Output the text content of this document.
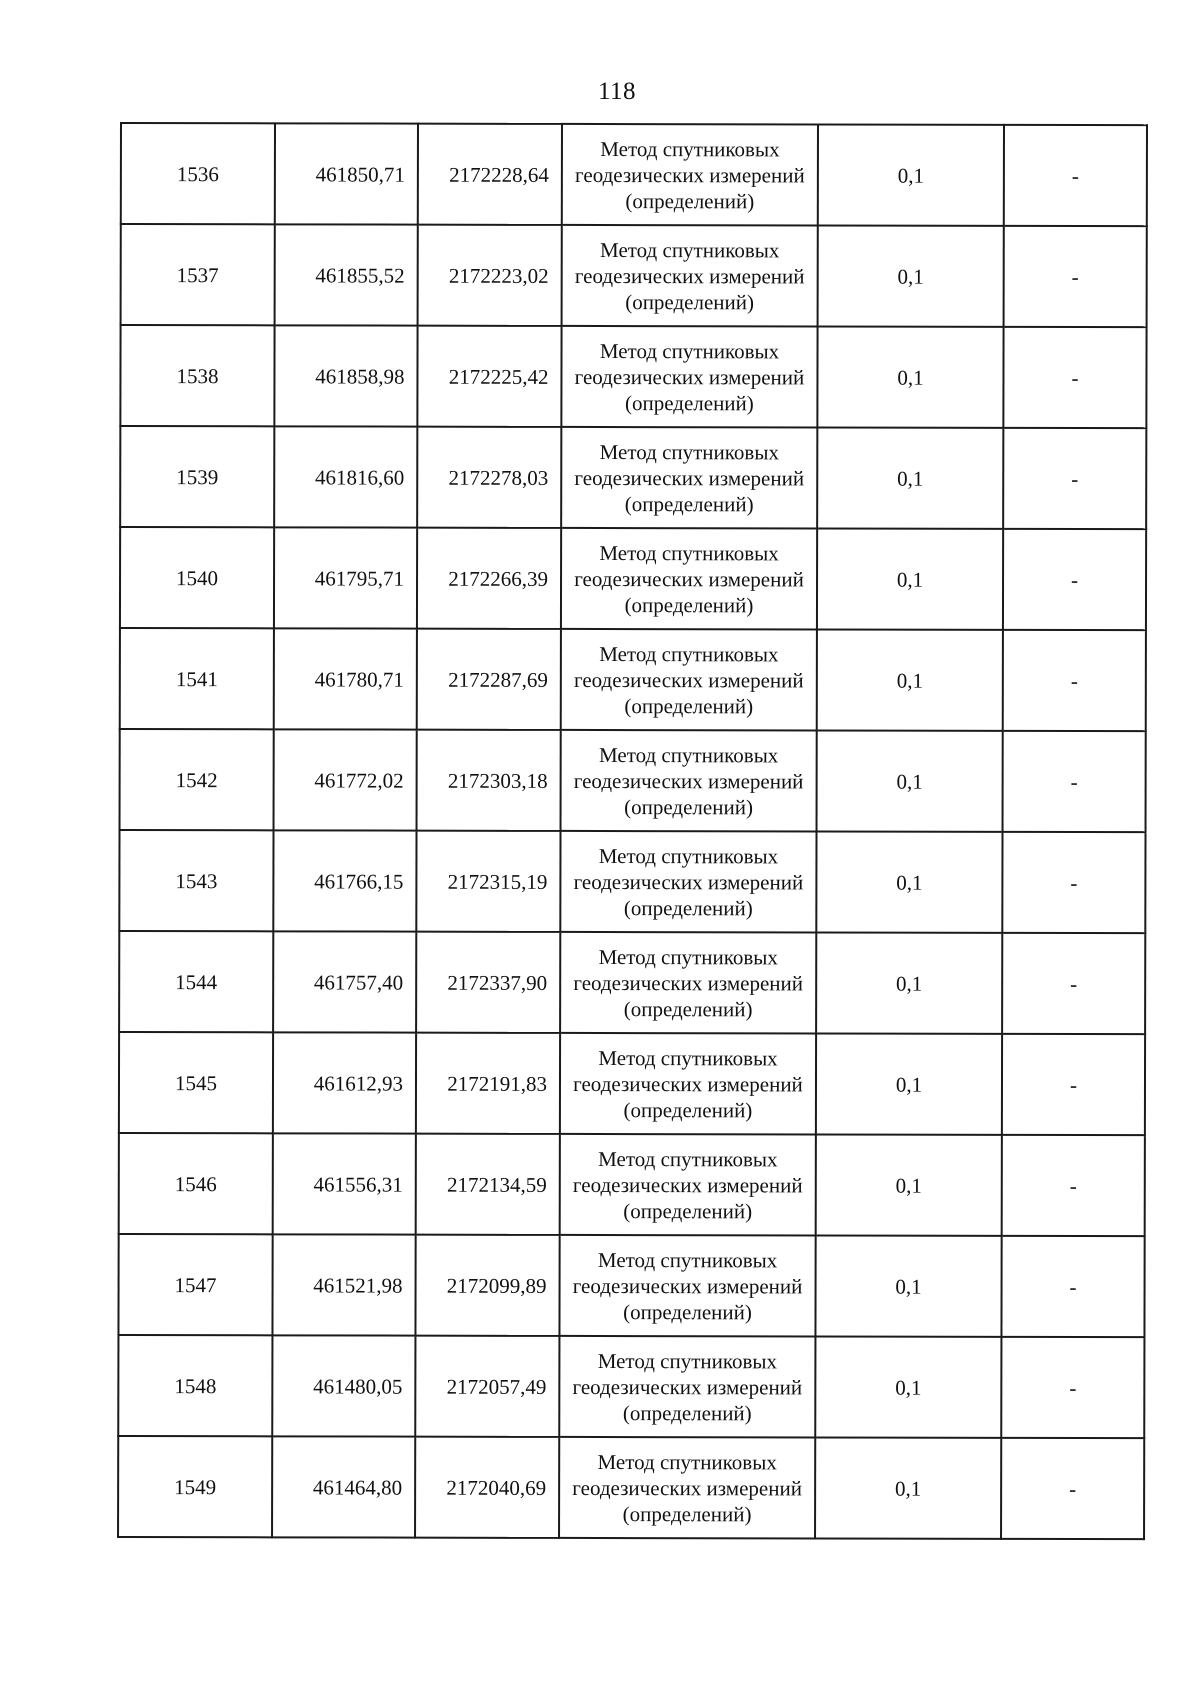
118
1536	461850,71	2172228,64	Метод спутниковых
геодезических измерений
(определений)	0,1	-
1537	461855,52	2172223,02	Метод спутниковых
геодезических измерений
(определений)	0,1	-
1538	461858,98	2172225,42	Метод спутниковых
геодезических измерений
(определений)	0,1	-
1539	461816,60	2172278,03	Метод спутниковых
геодезических измерений
(определений)	0,1	-
1540	461795,71	2172266,39	Метод спутниковых
геодезических измерений
(определений)	0,1	-
1541	461780,71	2172287,69	Метод спутниковых
геодезических измерений
(определений)	0,1	-
1542	461772,02	2172303,18	Метод спутниковых
геодезических измерений
(определений)	0,1	-
1543	461766,15	2172315,19	Метод спутниковых
геодезических измерений
(определений)	0,1	-
1544	461757,40	2172337,90	Метод спутниковых
геодезических измерений
(определений)	0,1	-
1545	461612,93	2172191,83	Метод спутниковых
геодезических измерений
(определений)	0,1	-
1546	461556,31	2172134,59	Метод спутниковых
геодезических измерений
(определений)	0,1	-
1547	461521,98	2172099,89	Метод спутниковых
геодезических измерений
(определений)	0,1	-
1548	461480,05	2172057,49	Метод спутниковых
геодезических измерений
(определений)	0,1	-
1549	461464,80	2172040,69	Метод спутниковых
геодезических измерений
(определений)	0,1	-
